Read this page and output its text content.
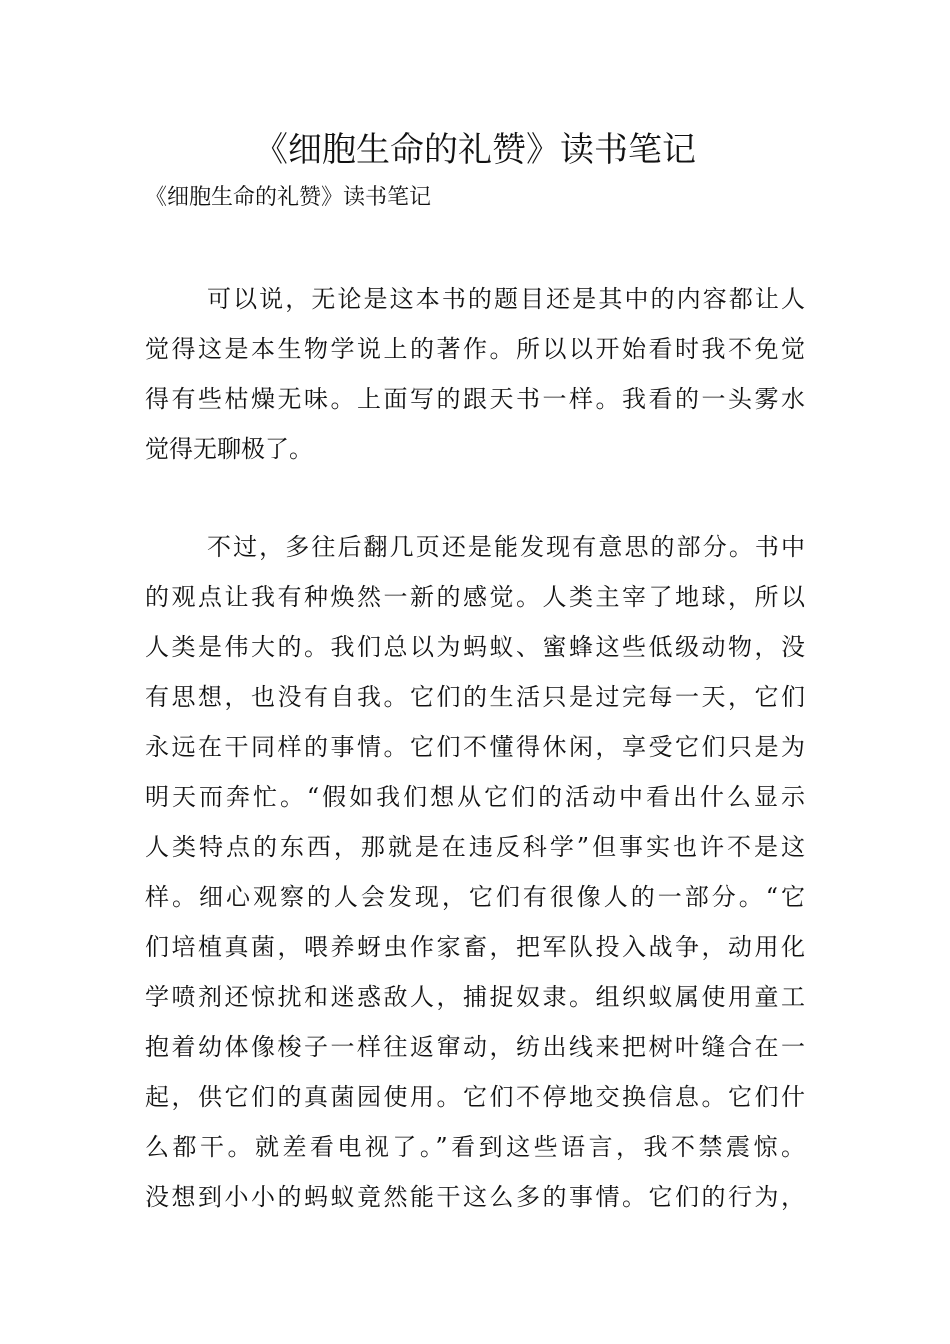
《细胞生命的礼赞》读书笔记

《细胞生命的礼赞》读书笔记

可以说，无论是这本书的题目还是其中的内容都让人
觉得这是本生物学说上的著作。所以以开始看时我不免觉
得有些枯燥无味。上面写的跟天书一样。我看的一头雾水
觉得无聊极了。
不过，多往后翻几页还是能发现有意思的部分。书中
的观点让我有种焕然一新的感觉。人类主宰了地球，所以
人类是伟大的。我们总以为蚂蚁、蜜蜂这些低级动物，没
有思想，也没有自我。它们的生活只是过完每一天，它们
永远在干同样的事情。它们不懂得休闲，享受它们只是为
明天而奔忙。“假如我们想从它们的活动中看出什么显示
人类特点的东西，那就是在违反科学”但事实也许不是这
样。细心观察的人会发现，它们有很像人的一部分。“它
们培植真菌，喂养蚜虫作家畜，把军队投入战争，动用化
学喷剂还惊扰和迷惑敌人，捕捉奴隶。组织蚁属使用童工
抱着幼体像梭子一样往返窜动，纺出线来把树叶缝合在一
起，供它们的真菌园使用。它们不停地交换信息。它们什
么都干。就差看电视了。”看到这些语言，我不禁震惊。
没想到小小的蚂蚁竟然能干这么多的事情。它们的行为，
